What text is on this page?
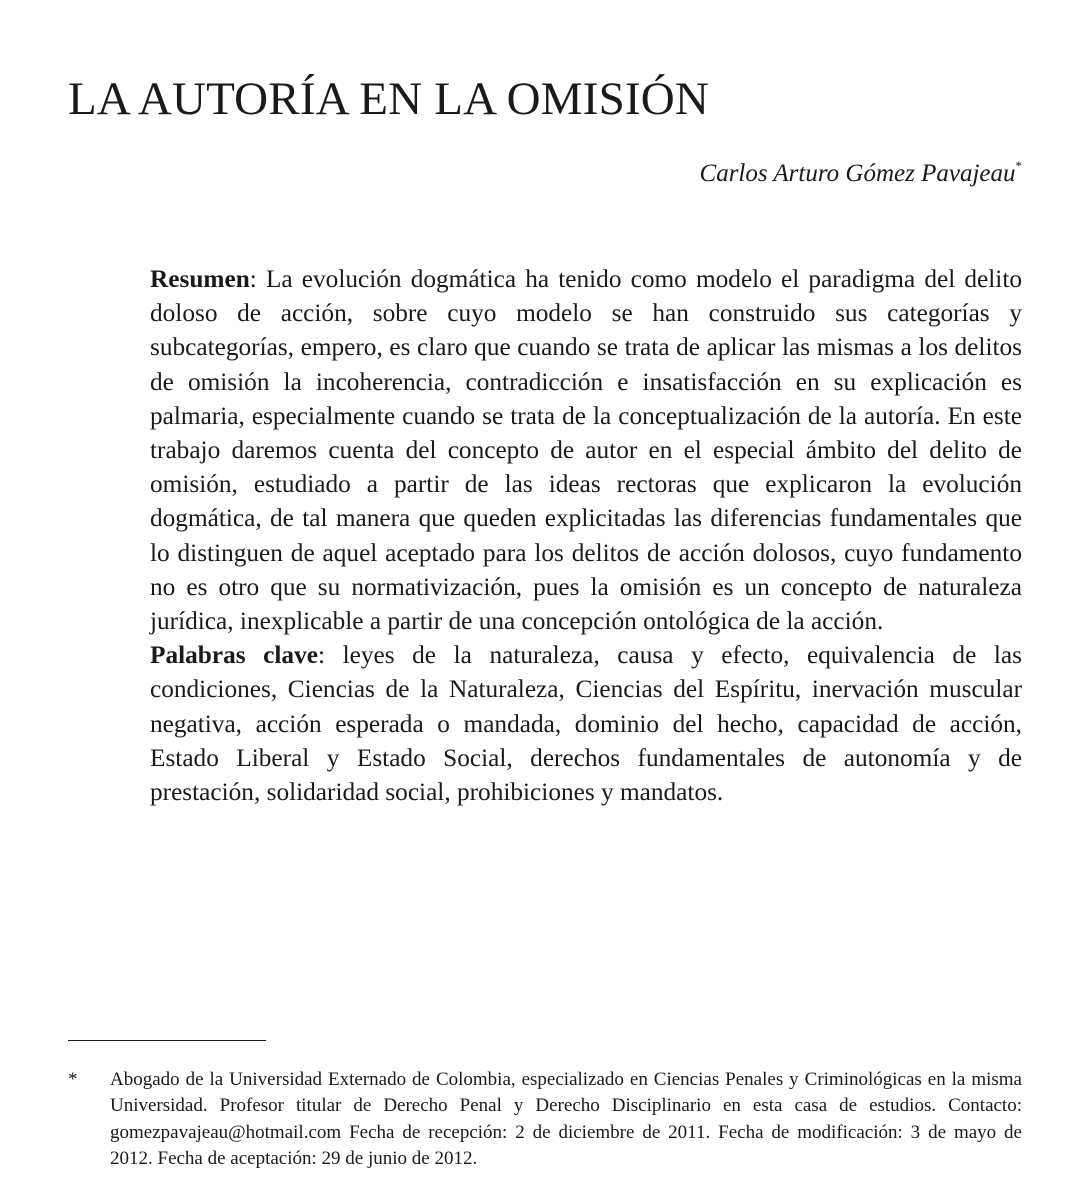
LA AUTORÍA EN LA OMISIÓN
Carlos Arturo Gómez Pavajeau*

Resumen: La evolución dogmática ha tenido como modelo el paradigma del delito doloso de acción, sobre cuyo modelo se han construido sus categorías y subcategorías, empero, es claro que cuando se trata de aplicar las mismas a los delitos de omisión la incoherencia, contradicción e insatisfacción en su explicación es palmaria, especialmente cuando se trata de la conceptualización de la autoría. En este trabajo daremos cuenta del concepto de autor en el especial ámbito del delito de omisión, estudiado a partir de las ideas rectoras que explicaron la evolución dogmática, de tal manera que queden explicitadas las diferencias fundamentales que lo distinguen de aquel aceptado para los delitos de acción dolosos, cuyo fundamento no es otro que su normativización, pues la omisión es un concepto de naturaleza jurídica, inexplicable a partir de una concepción ontológica de la acción.

Palabras clave: leyes de la naturaleza, causa y efecto, equivalencia de las condiciones, Ciencias de la Naturaleza, Ciencias del Espíritu, inervación muscular negativa, acción esperada o mandada, dominio del hecho, capacidad de acción, Estado Liberal y Estado Social, derechos fundamentales de autonomía y de prestación, solidaridad social, prohibiciones y mandatos.

*	Abogado de la Universidad Externado de Colombia, especializado en Ciencias Penales y Criminológicas en la misma Universidad. Profesor titular de Derecho Penal y Derecho Disciplinario en esta casa de estudios. Contacto: gomezpavajeau@hotmail.com Fecha de recepción: 2 de diciembre de 2011. Fecha de modificación: 3 de mayo de 2012. Fecha de aceptación: 29 de junio de 2012.
